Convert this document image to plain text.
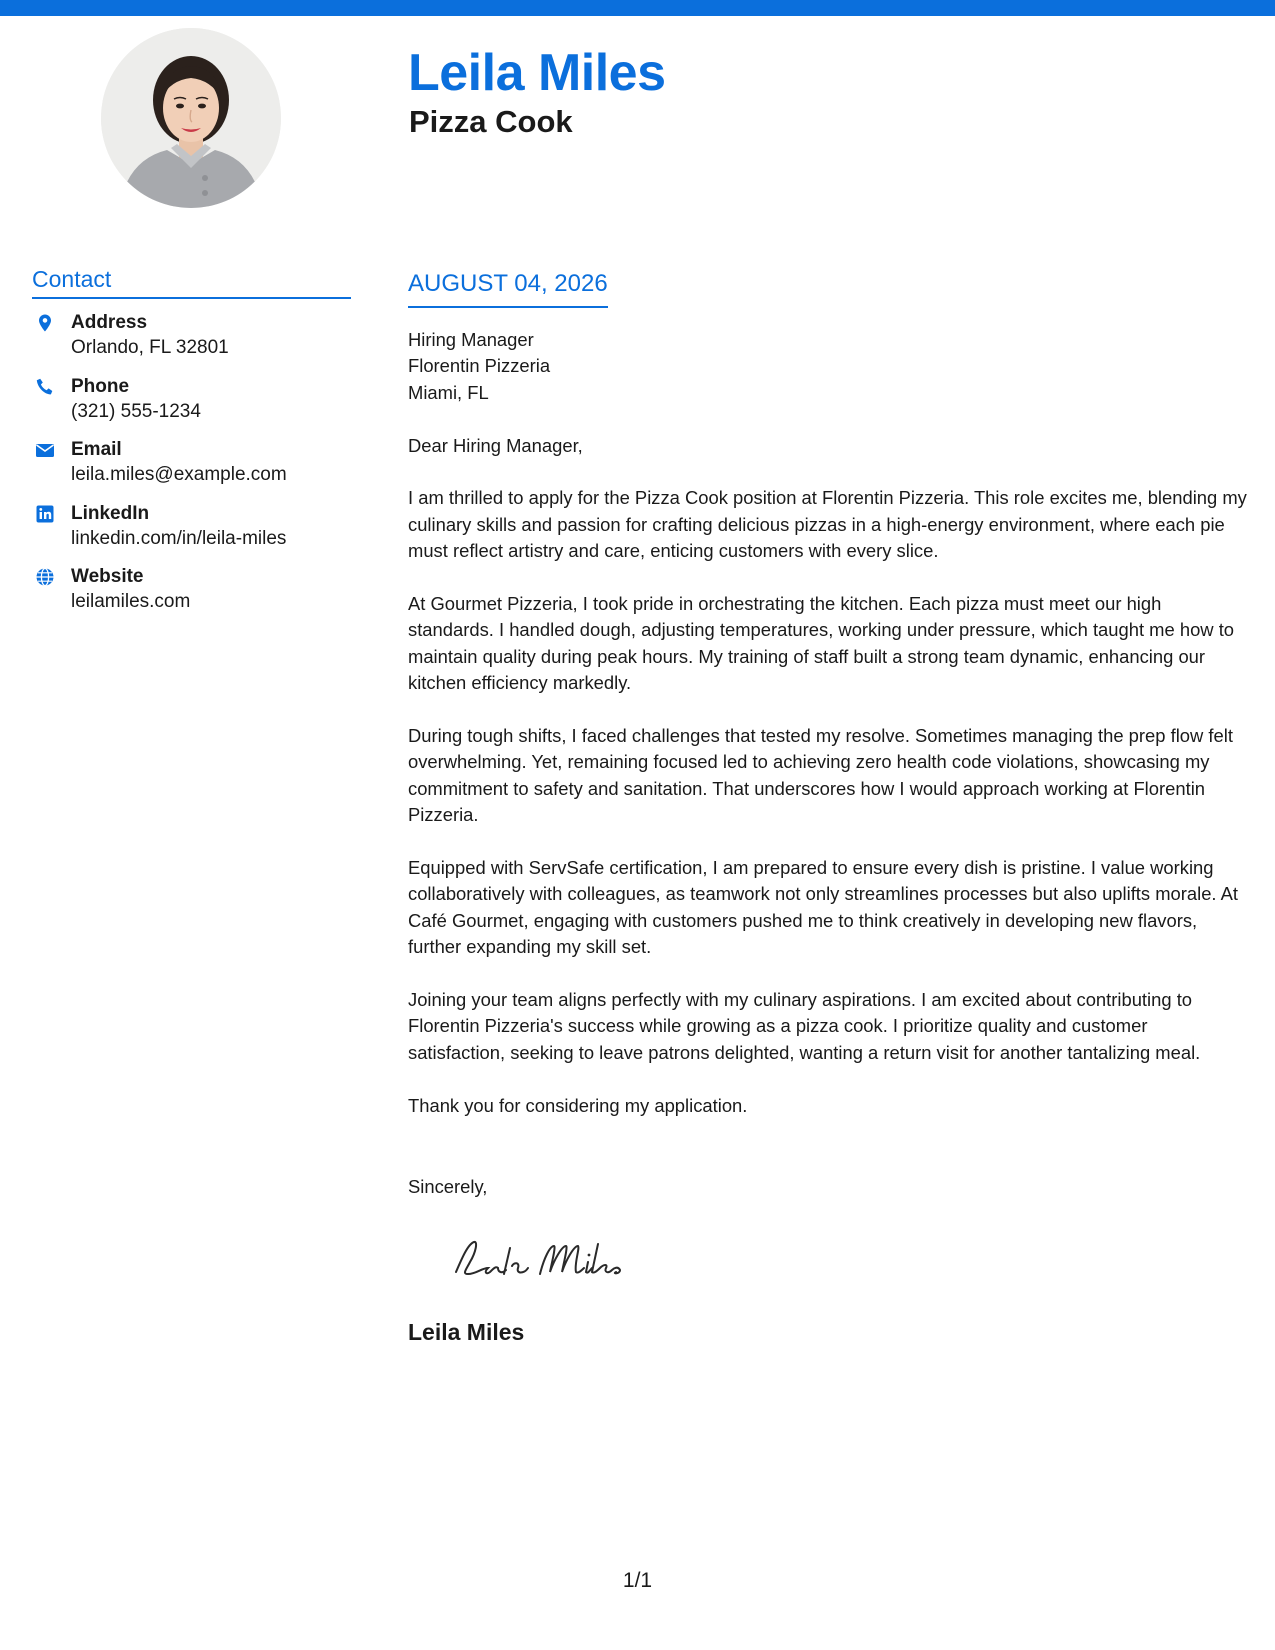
Leila Miles
Pizza Cook
Contact
Address
Orlando, FL 32801
Phone
(321) 555-1234
Email
leila.miles@example.com
LinkedIn
linkedin.com/in/leila-miles
Website
leilamiles.com
AUGUST 04, 2026

Hiring Manager

Florentin Pizzeria

Miami, FL

Dear Hiring Manager,

I am thrilled to apply for the Pizza Cook position at Florentin Pizzeria. This role excites me, blending my culinary skills and passion for crafting delicious pizzas in a high-energy environment, where each pie must reflect artistry and care, enticing customers with every slice.

At Gourmet Pizzeria, I took pride in orchestrating the kitchen. Each pizza must meet our high standards. I handled dough, adjusting temperatures, working under pressure, which taught me how to maintain quality during peak hours. My training of staff built a strong team dynamic, enhancing our kitchen efficiency markedly.

During tough shifts, I faced challenges that tested my resolve. Sometimes managing the prep flow felt overwhelming. Yet, remaining focused led to achieving zero health code violations, showcasing my commitment to safety and sanitation. That underscores how I would approach working at Florentin Pizzeria.

Equipped with ServSafe certification, I am prepared to ensure every dish is pristine. I value working collaboratively with colleagues, as teamwork not only streamlines processes but also uplifts morale. At Café Gourmet, engaging with customers pushed me to think creatively in developing new flavors, further expanding my skill set.

Joining your team aligns perfectly with my culinary aspirations. I am excited about contributing to Florentin Pizzeria's success while growing as a pizza cook. I prioritize quality and customer satisfaction, seeking to leave patrons delighted, wanting a return visit for another tantalizing meal.

Thank you for considering my application.

Sincerely,
Leila Miles
1/1
